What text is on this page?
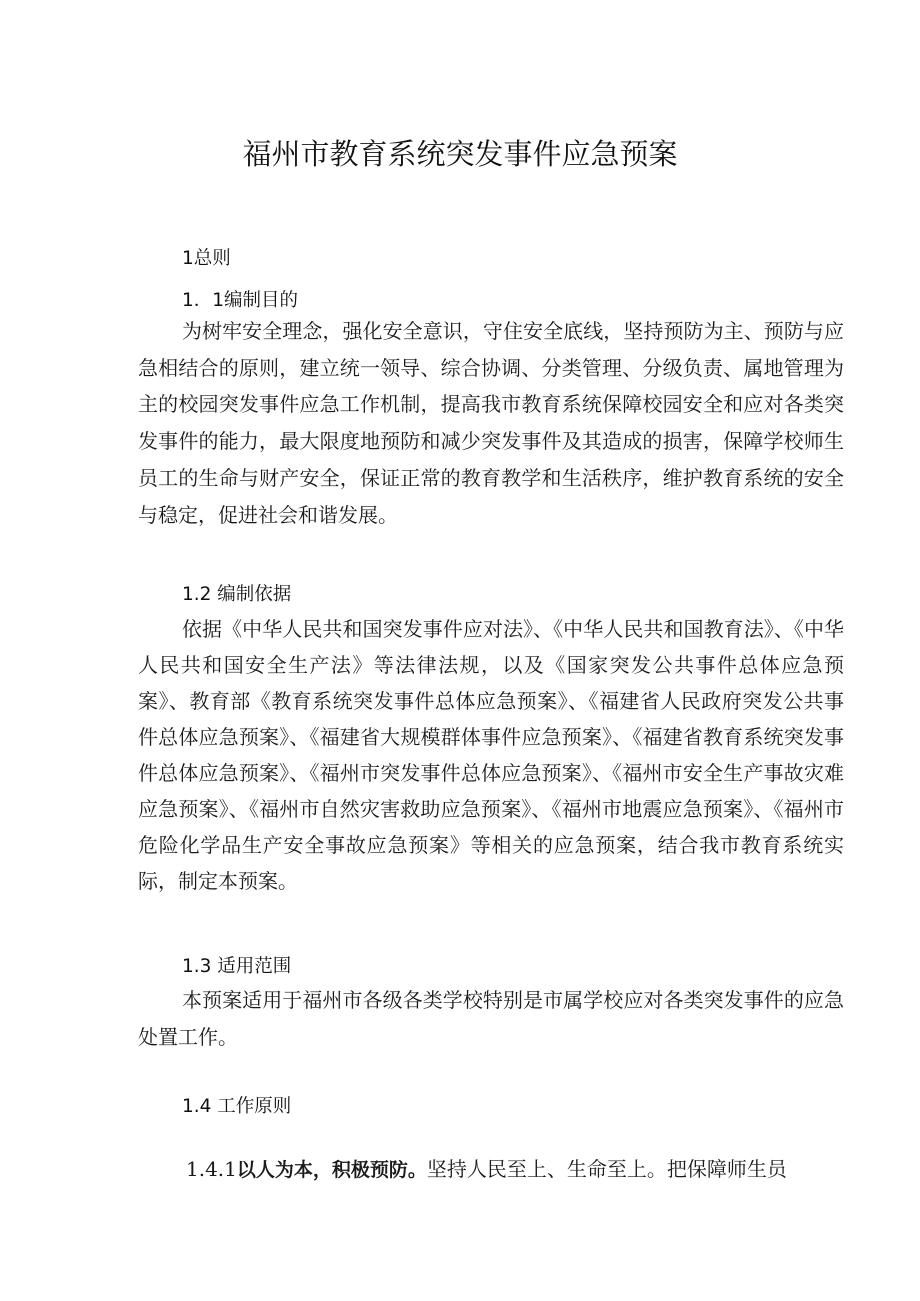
福州市教育系统突发事件应急预案
1总则
1．1编制目的

为树牢安全理念，强化安全意识，守住安全底线，坚持预防为主、预防与应急相结合的原则，建立统一领导、综合协调、分类管理、分级负责、属地管理为主的校园突发事件应急工作机制，提高我市教育系统保障校园安全和应对各类突发事件的能力，最大限度地预防和减少突发事件及其造成的损害，保障学校师生员工的生命与财产安全，保证正常的教育教学和生活秩序，维护教育系统的安全与稳定，促进社会和谐发展。

1.2 编制依据

依据《中华人民共和国突发事件应对法》、《中华人民共和国教育法》、《中华人民共和国安全生产法》等法律法规，以及《国家突发公共事件总体应急预案》、教育部《教育系统突发事件总体应急预案》、《福建省人民政府突发公共事件总体应急预案》、《福建省大规模群体事件应急预案》、《福建省教育系统突发事件总体应急预案》、《福州市突发事件总体应急预案》、《福州市安全生产事故灾难应急预案》、《福州市自然灾害救助应急预案》、《福州市地震应急预案》、《福州市危险化学品生产安全事故应急预案》等相关的应急预案，结合我市教育系统实际，制定本预案。

1.3 适用范围

本预案适用于福州市各级各类学校特别是市属学校应对各类突发事件的应急处置工作。

1.4 工作原则
1.4.1以人为本，积极预防。坚持人民至上、生命至上。把保障师生员
